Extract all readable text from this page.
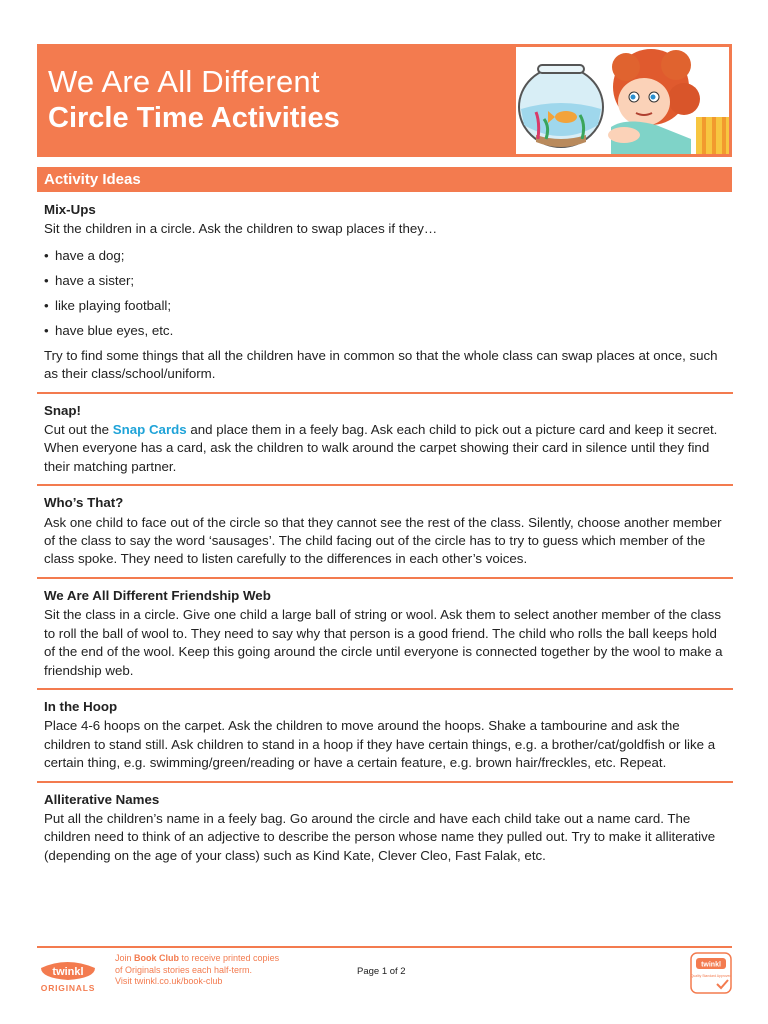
We Are All Different
Circle Time Activities
Activity Ideas
Mix-Ups

Sit the children in a circle. Ask the children to swap places if they…

• have a dog;
• have a sister;
• like playing football;
• have blue eyes, etc.

Try to find some things that all the children have in common so that the whole class can swap places at once, such as their class/school/uniform.

Snap!

Cut out the Snap Cards and place them in a feely bag. Ask each child to pick out a picture card and keep it secret. When everyone has a card, ask the children to walk around the carpet showing their card in silence until they find their matching partner.

Who’s That?

Ask one child to face out of the circle so that they cannot see the rest of the class. Silently, choose another member of the class to say the word ‘sausages’. The child facing out of the circle has to try to guess which member of the class spoke. They need to listen carefully to the differences in each other’s voices.

We Are All Different Friendship Web

Sit the class in a circle. Give one child a large ball of string or wool. Ask them to select another member of the class to roll the ball of wool to. They need to say why that person is a good friend. The child who rolls the ball keeps hold of the end of the wool. Keep this going around the circle until everyone is connected together by the wool to make a friendship web.

In the Hoop

Place 4-6 hoops on the carpet. Ask the children to move around the hoops. Shake a tambourine and ask the children to stand still. Ask children to stand in a hoop if they have certain things, e.g. a brother/cat/goldfish or like a certain thing, e.g. swimming/green/reading or have a certain feature, e.g. brown hair/freckles, etc. Repeat.

Alliterative Names

Put all the children’s name in a feely bag. Go around the circle and have each child take out a name card. The children need to think of an adjective to describe the person whose name they pulled out. Try to make it alliterative (depending on the age of your class) such as Kind Kate, Clever Cleo, Fast Falak, etc.

twinkl
ORIGINALS
Join Book Club to receive printed copies
of Originals stories each half-term.
Visit twinkl.co.uk/book-club
Page 1 of 2
twinkl
Quality Standard Approved
